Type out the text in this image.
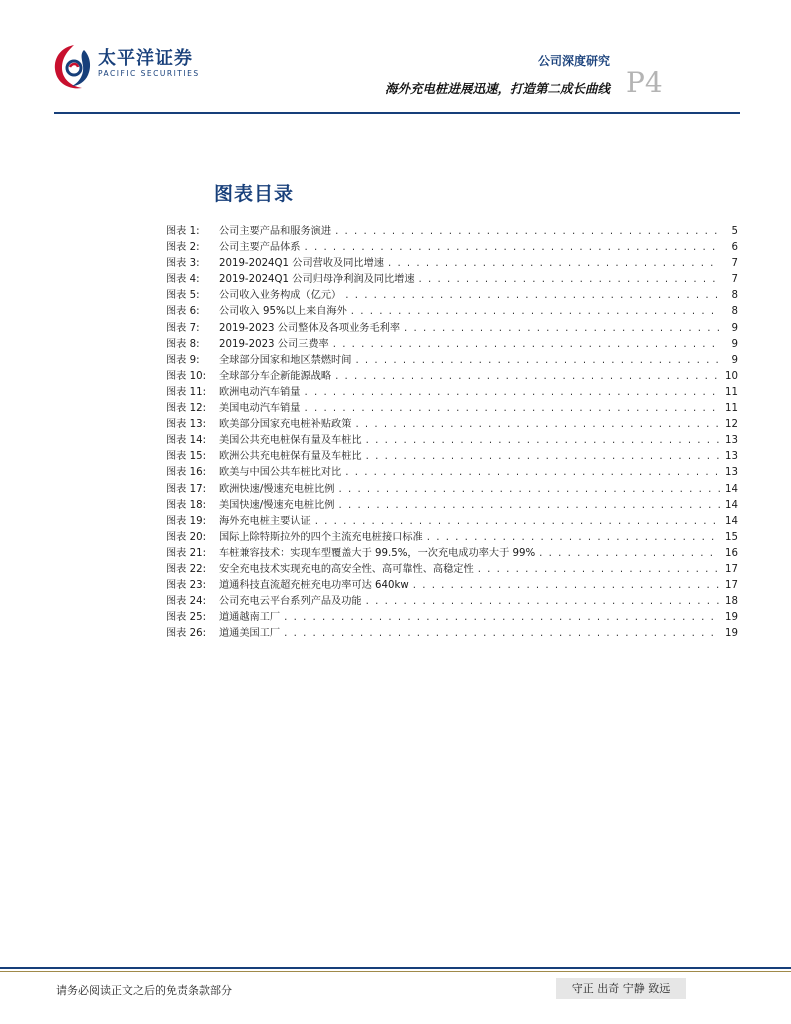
太平洋证券
PACIFIC SECURITIES
公司深度研究
海外充电桩进展迅速，打造第二成长曲线 P4
图表目录
图表 1:	公司主要产品和服务演进 . . .	5
图表 2:	公司主要产品体系 . . .	6
图表 3:	2019-2024Q1 公司营收及同比增速 . . .	7
图表 4:	2019-2024Q1 公司归母净利润及同比增速 . . .	7
图表 5:	公司收入业务构成（亿元） . . .	8
图表 6:	公司收入 95%以上来自海外 . . .	8
图表 7:	2019-2023 公司整体及各项业务毛利率 . . .	9
图表 8:	2019-2023 公司三费率 . . .	9
图表 9:	全球部分国家和地区禁燃时间 . . .	9
图表 10:	全球部分车企新能源战略 . . .	10
图表 11:	欧洲电动汽车销量 . . .	11
图表 12:	美国电动汽车销量 . . .	11
图表 13:	欧美部分国家充电桩补贴政策 . . .	12
图表 14:	美国公共充电桩保有量及车桩比 . . .	13
图表 15:	欧洲公共充电桩保有量及车桩比 . . .	13
图表 16:	欧美与中国公共车桩比对比 . . .	13
图表 17:	欧洲快速/慢速充电桩比例 . . .	14
图表 18:	美国快速/慢速充电桩比例 . . .	14
图表 19:	海外充电桩主要认证 . . .	14
图表 20:	国际上除特斯拉外的四个主流充电桩接口标准 . . .	15
图表 21:	车桩兼容技术：实现车型覆盖大于 99.5%，一次充电成功率大于 99% . . .	16
图表 22:	安全充电技术实现充电的高安全性、高可靠性、高稳定性 . . .	17
图表 23:	道通科技直流超充桩充电功率可达 640kw . . .	17
图表 24:	公司充电云平台系列产品及功能 . . .	18
图表 25:	道通越南工厂 . . .	19
图表 26:	道通美国工厂 . . .	19
请务必阅读正文之后的免责条款部分	守正 出奇 宁静 致远
